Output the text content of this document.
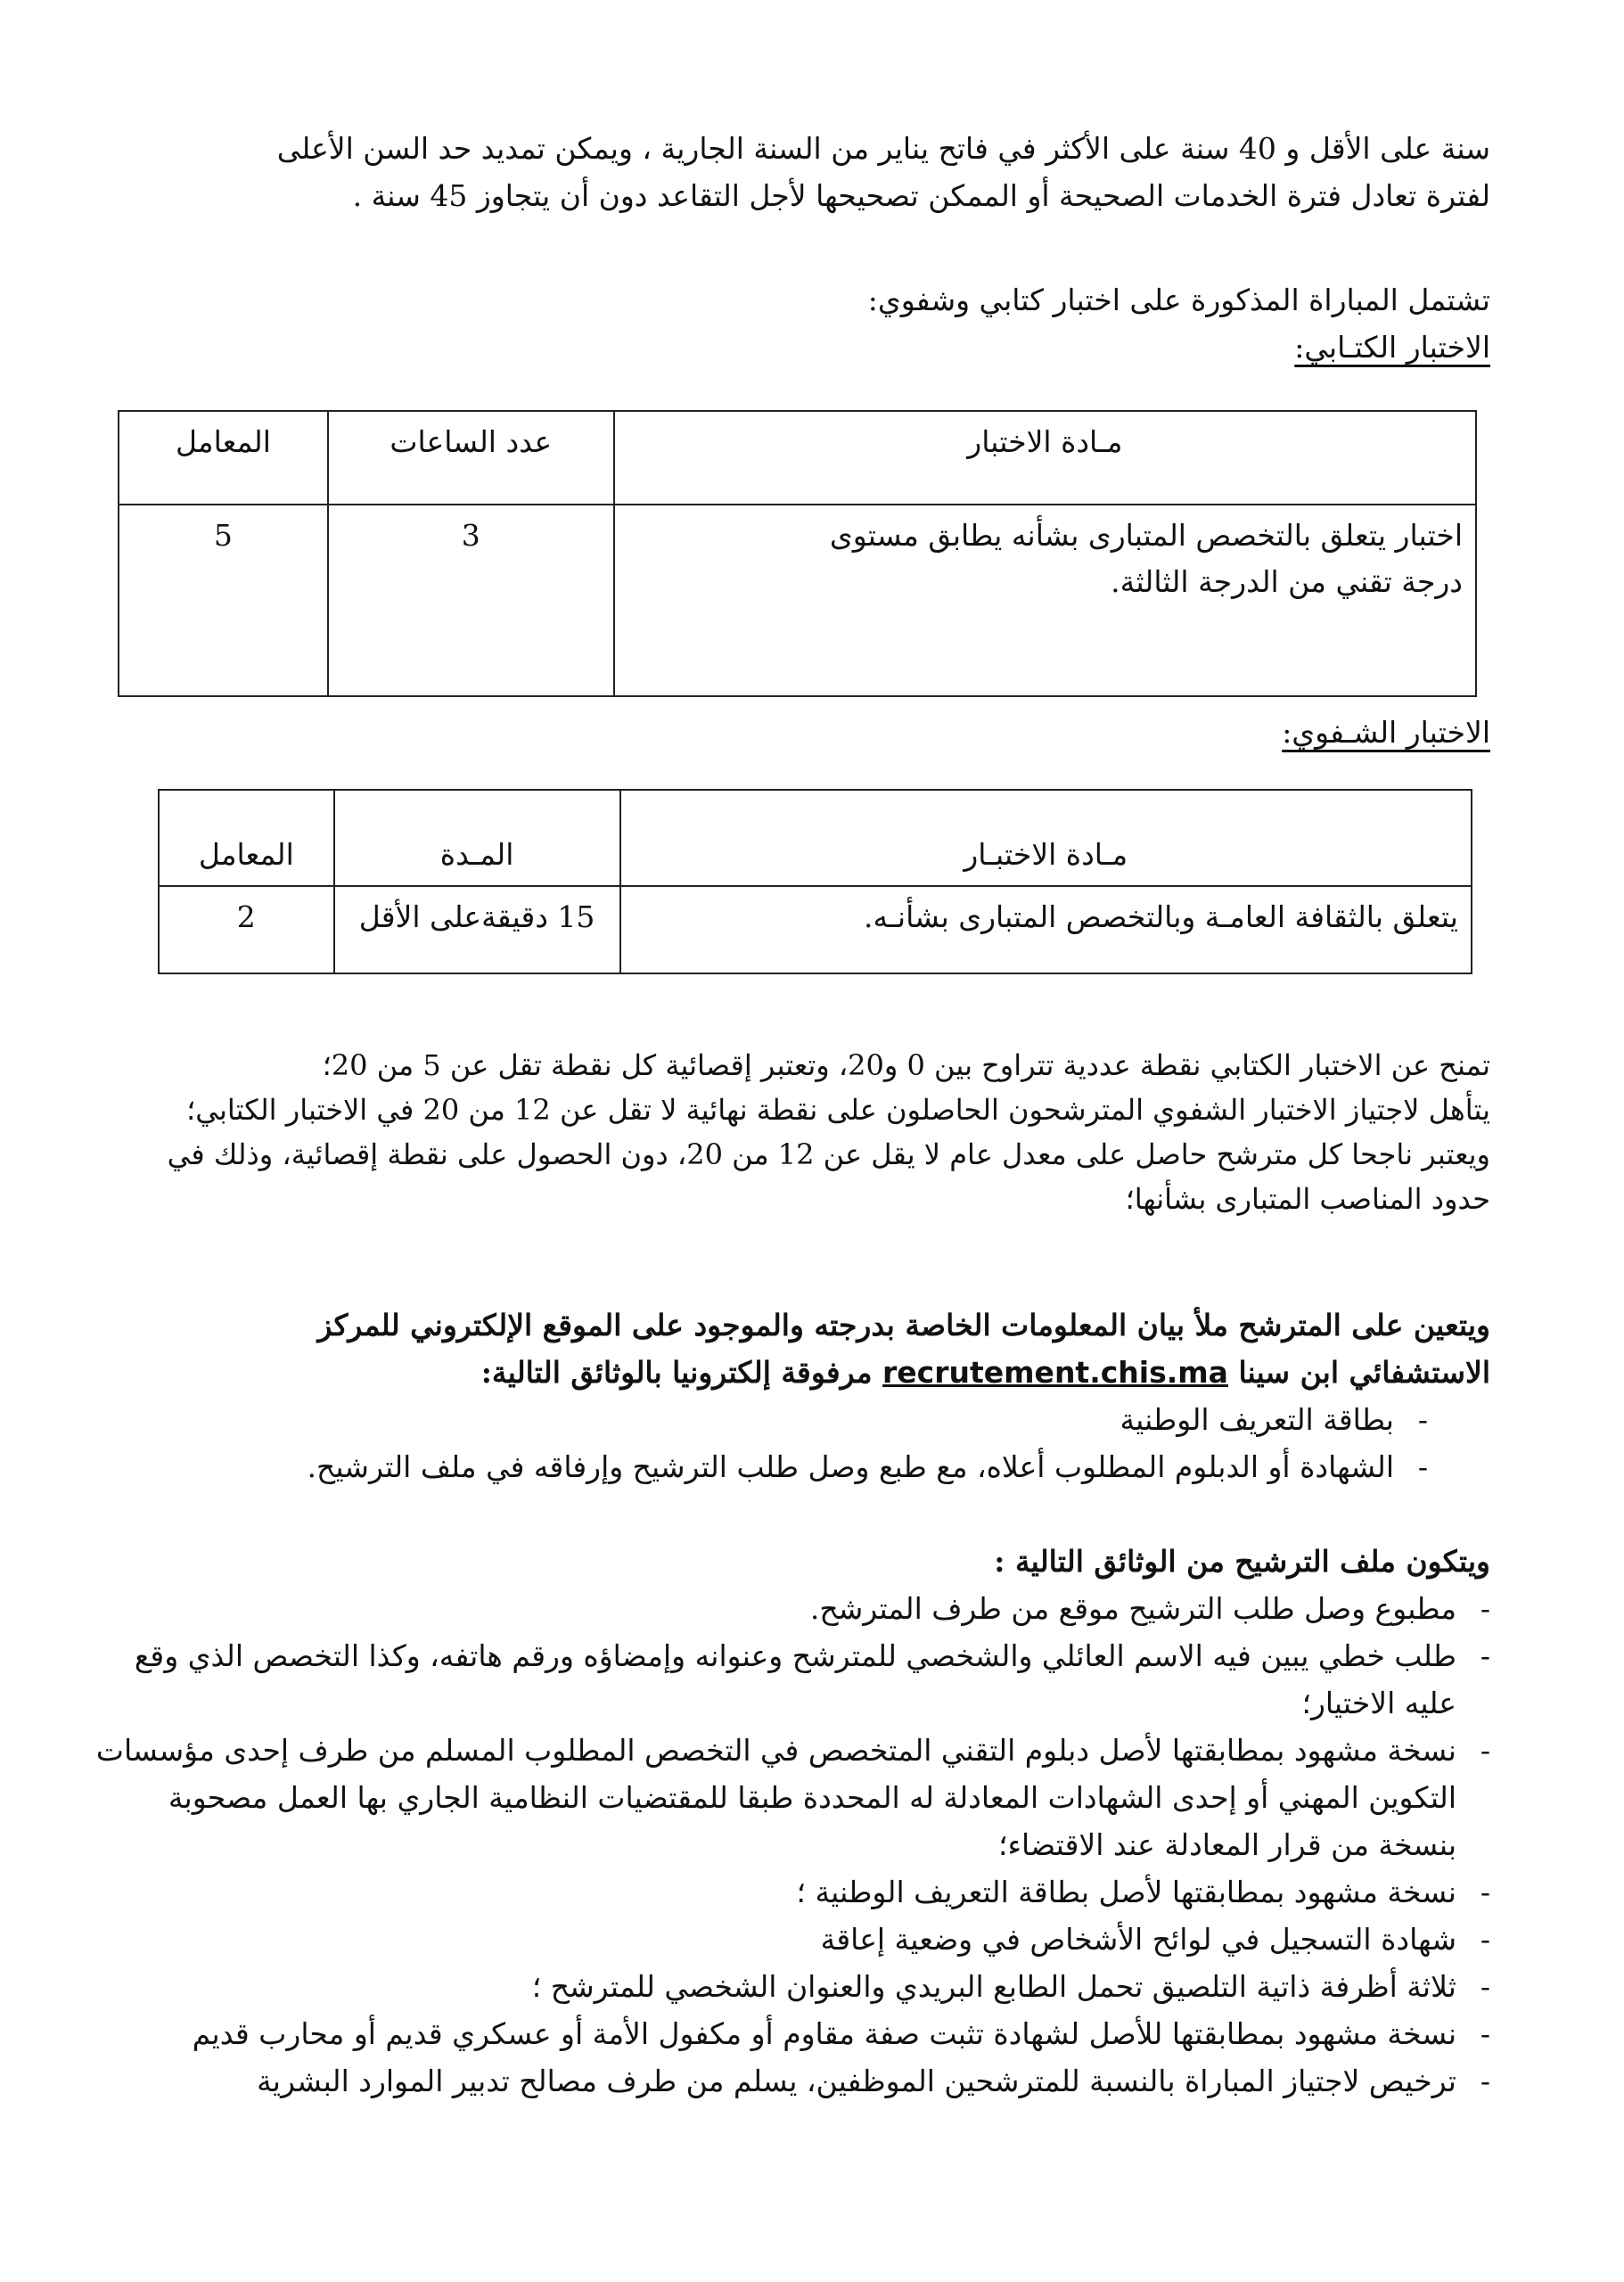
سنة على الأقل و 40 سنة على الأكثر في فاتح يناير من السنة الجارية ، ويمكن تمديد حد السن الأعلى

لفترة تعادل فترة الخدمات الصحيحة أو الممكن تصحيحها لأجل التقاعد دون أن يتجاوز 45 سنة .

تشتمل المباراة المذكورة على اختبار كتابي وشفوي:

الاختبار الكتـابي:

مـادة الاختبار	عدد الساعات	المعامل

اختبار يتعلق بالتخصص المتبارى بشأنه يطابق مستوى
درجة تقني من الدرجة الثالثة.	3	5

الاختبار الشـفوي:

مـادة الاختبـار	المـدة	المعامل
يتعلق بالثقافة العامـة وبالتخصص المتبارى بشأنـه.	15 دقيقةعلى الأقل	2

تمنح عن الاختبار الكتابي نقطة عددية تتراوح بين 0 و20، وتعتبر إقصائية كل نقطة تقل عن 5 من 20؛

يتأهل لاجتياز الاختبار الشفوي المترشحون الحاصلون على نقطة نهائية لا تقل عن 12 من 20 في الاختبار الكتابي؛

ويعتبر ناجحا كل مترشح حاصل على معدل عام لا يقل عن 12 من 20، دون الحصول على نقطة إقصائية، وذلك في

حدود المناصب المتبارى بشأنها؛

ويتعين على المترشح ملأ بيان المعلومات الخاصة بدرجته والموجود على الموقع الإلكتروني للمركز

الاستشفائي ابن سينا recrutement.chis.ma مرفوقة إلكترونيا بالوثائق التالية:

- بطاقة التعريف الوطنية
- الشهادة أو الدبلوم المطلوب أعلاه، مع طبع وصل طلب الترشيح وإرفاقه في ملف الترشيح.

ويتكون ملف الترشيح من الوثائق التالية :

- مطبوع وصل طلب الترشيح موقع من طرف المترشح.
- طلب خطي يبين فيه الاسم العائلي والشخصي للمترشح وعنوانه وإمضاؤه ورقم هاتفه، وكذا التخصص الذي وقع عليه الاختيار؛
- نسخة مشهود بمطابقتها لأصل دبلوم التقني المتخصص في التخصص المطلوب المسلم من طرف إحدى مؤسسات التكوين المهني أو إحدى الشهادات المعادلة له المحددة طبقا للمقتضيات النظامية الجاري بها العمل مصحوبة بنسخة من قرار المعادلة عند الاقتضاء؛
- نسخة مشهود بمطابقتها لأصل بطاقة التعريف الوطنية ؛
- شهادة التسجيل في لوائح الأشخاص في وضعية إعاقة
- ثلاثة أظرفة ذاتية التلصيق تحمل الطابع البريدي والعنوان الشخصي للمترشح ؛
- نسخة مشهود بمطابقتها للأصل لشهادة تثبت صفة مقاوم أو مكفول الأمة أو عسكري قديم أو محارب قديم
- ترخيص لاجتياز المباراة بالنسبة للمترشحين الموظفين، يسلم من طرف مصالح تدبير الموارد البشرية
